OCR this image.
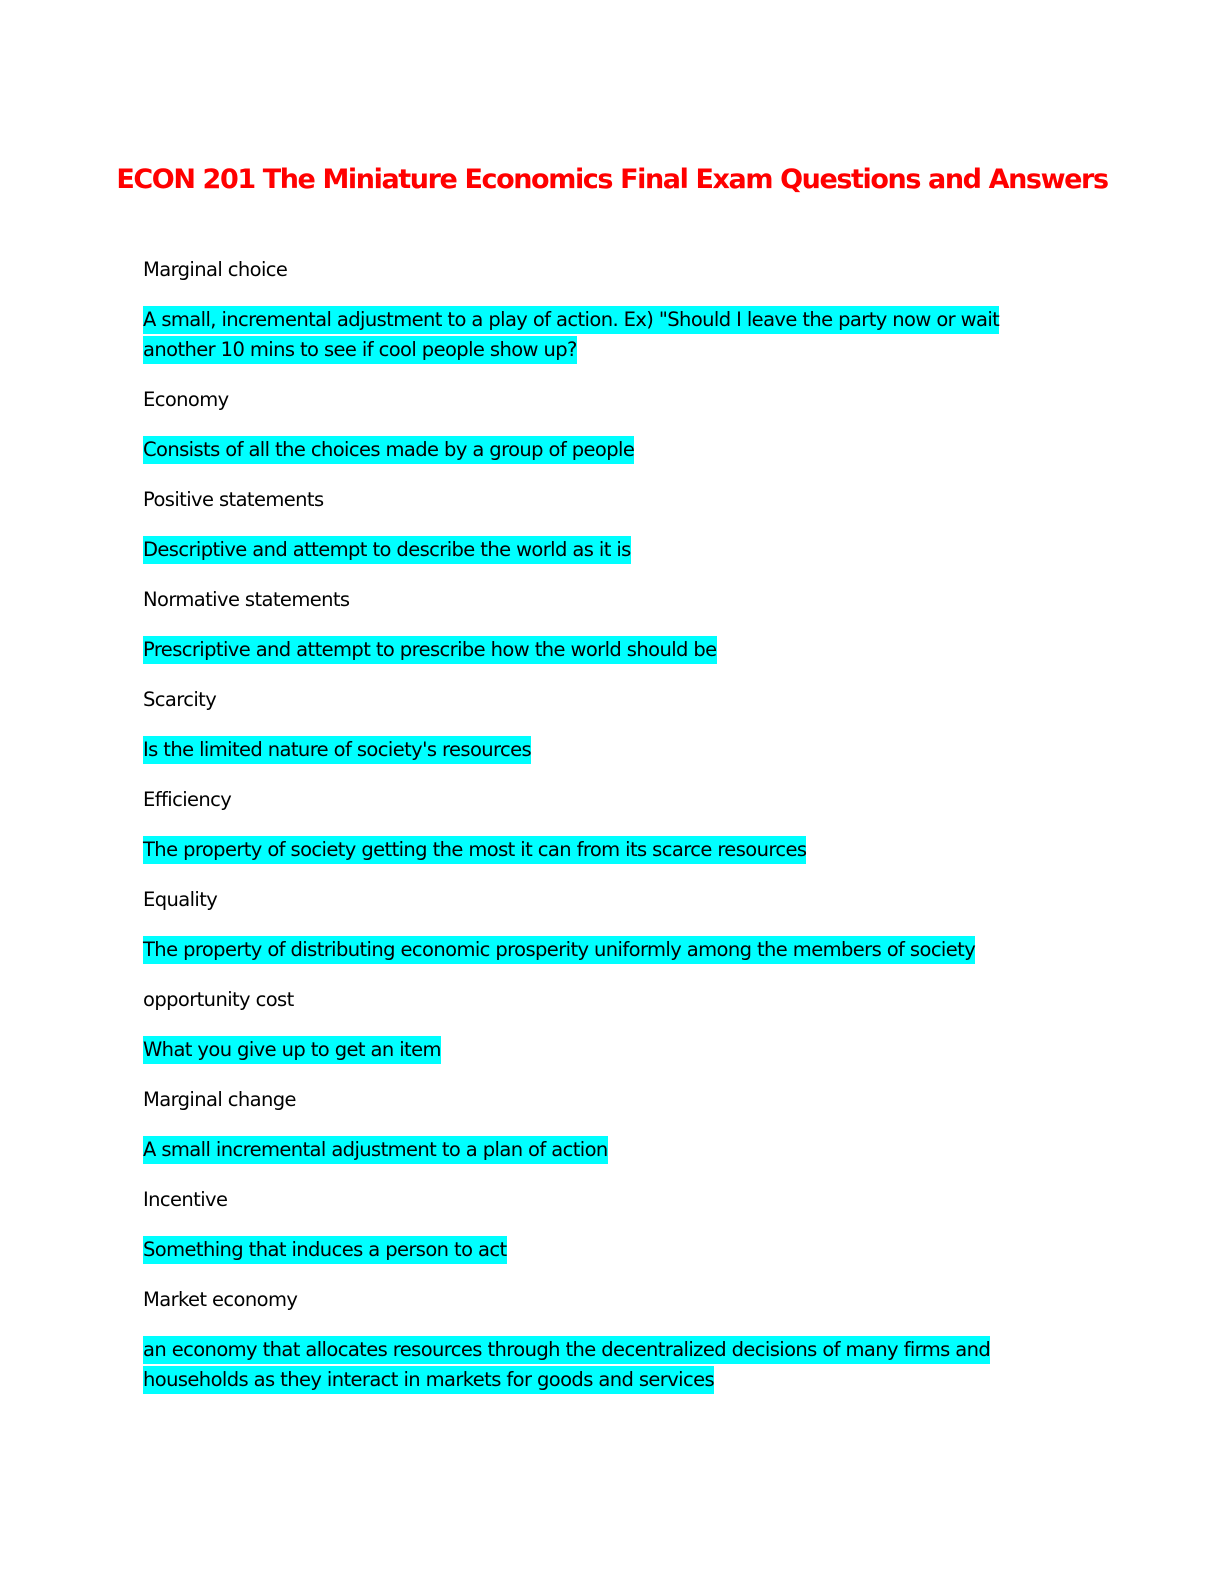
ECON 201 The Miniature Economics Final Exam Questions and Answers
Marginal choice
A small, incremental adjustment to a play of action. Ex) "Should I leave the party now or wait another 10 mins to see if cool people show up?
Economy
Consists of all the choices made by a group of people
Positive statements
Descriptive and attempt to describe the world as it is
Normative statements
Prescriptive and attempt to prescribe how the world should be
Scarcity
Is the limited nature of society's resources
Efficiency
The property of society getting the most it can from its scarce resources
Equality
The property of distributing economic prosperity uniformly among the members of society
opportunity cost
What you give up to get an item
Marginal change
A small incremental adjustment to a plan of action
Incentive
Something that induces a person to act
Market economy
an economy that allocates resources through the decentralized decisions of many firms and households as they interact in markets for goods and services
